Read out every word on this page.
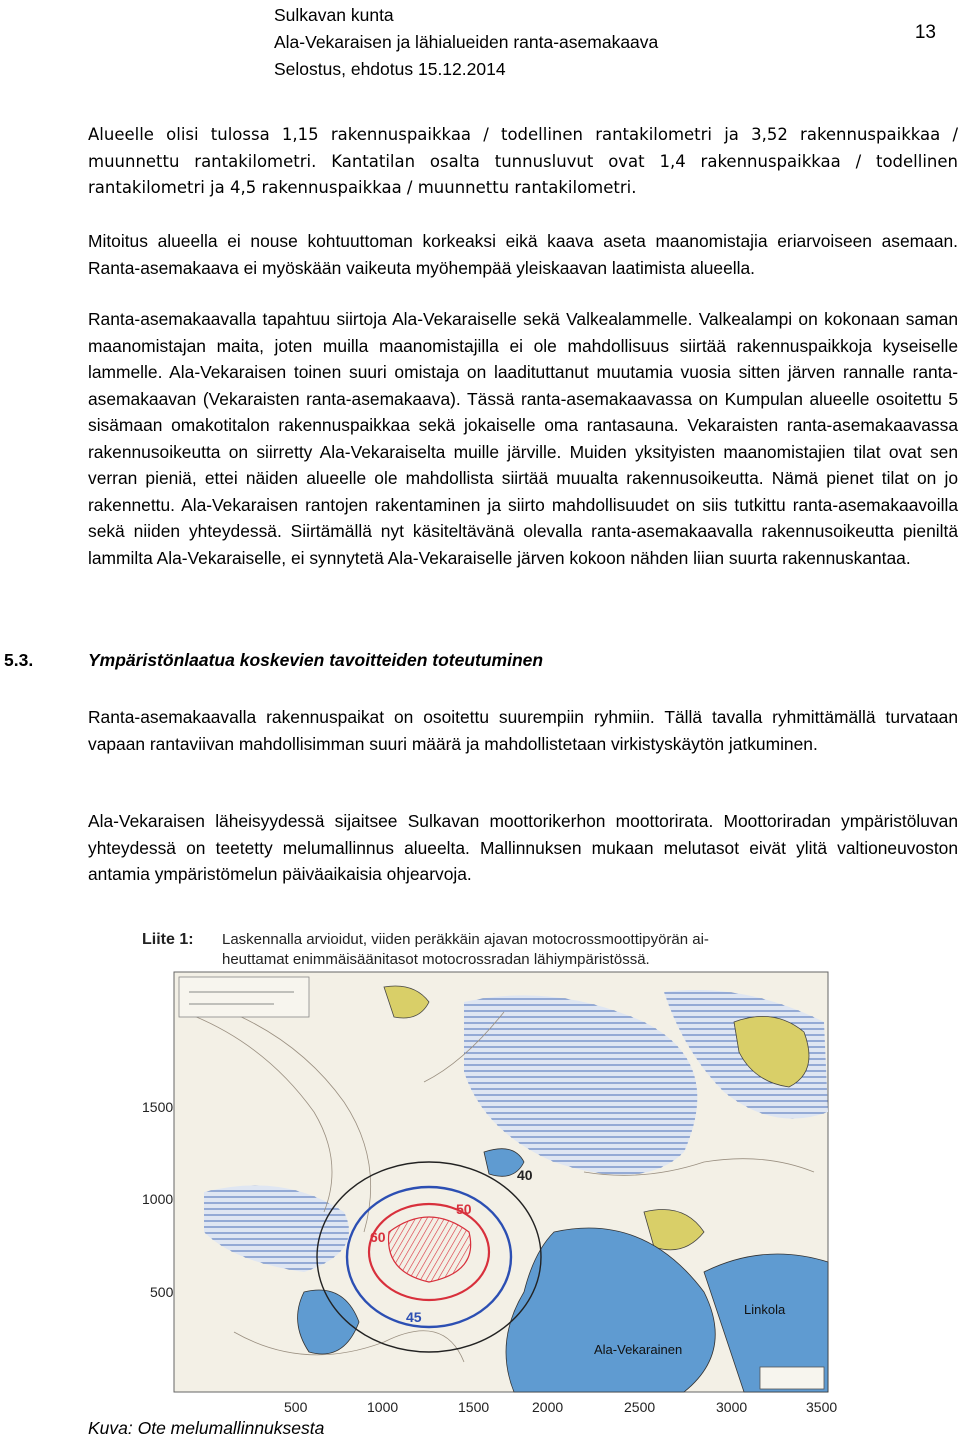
Sulkavan kunta
Ala-Vekaraisen ja lähialueiden ranta-asemakaava
Selostus, ehdotus 15.12.2014
13

Alueelle olisi tulossa 1,15 rakennuspaikkaa / todellinen rantakilometri ja 3,52 rakennuspaikkaa / muunnettu rantakilometri. Kantatilan osalta tunnusluvut ovat 1,4 rakennuspaikkaa / todellinen rantakilometri ja 4,5 rakennuspaikkaa / muunnettu rantakilometri.

Mitoitus alueella ei nouse kohtuuttoman korkeaksi eikä kaava aseta maanomistajia eriarvoiseen asemaan. Ranta-asemakaava ei myöskään vaikeuta myöhempää yleiskaavan laatimista alueella.

Ranta-asemakaavalla tapahtuu siirtoja Ala-Vekaraiselle sekä Valkealammelle. Valkealampi on kokonaan saman maanomistajan maita, joten muilla maanomistajilla ei ole mahdollisuus siirtää rakennuspaikkoja kyseiselle lammelle. Ala-Vekaraisen toinen suuri omistaja on laadituttanut muutamia vuosia sitten järven rannalle ranta-asemakaavan (Vekaraisten ranta-asemakaava). Tässä ranta-asemakaavassa on Kumpulan alueelle osoitettu 5 sisämaan omakotitalon rakennuspaikkaa sekä jokaiselle oma rantasauna. Vekaraisten ranta-asemakaavassa rakennusoikeutta on siirretty Ala-Vekaraiselta muille järville. Muiden yksityisten maanomistajien tilat ovat sen verran pieniä, ettei näiden alueelle ole mahdollista siirtää muualta rakennusoikeutta. Nämä pienet tilat on jo rakennettu. Ala-Vekaraisen rantojen rakentaminen ja siirto mahdollisuudet on siis tutkittu ranta-asemakaavoilla sekä niiden yhteydessä. Siirtämällä nyt käsiteltävänä olevalla ranta-asemakaavalla rakennusoikeutta pieniltä lammilta Ala-Vekaraiselle, ei synnytetä Ala-Vekaraiselle järven kokoon nähden liian suurta rakennuskantaa.

5.3.	Ympäristönlaatua koskevien tavoitteiden toteutuminen

Ranta-asemakaavalla rakennuspaikat on osoitettu suurempiin ryhmiin. Tällä tavalla ryhmittämällä turvataan vapaan rantaviivan mahdollisimman suuri määrä ja mahdollistetaan virkistyskäytön jatkuminen.

Ala-Vekaraisen läheisyydessä sijaitsee Sulkavan moottorikerhon moottorirata. Moottoriradan ympäristöluvan yhteydessä on teetetty melumallinnus alueelta. Mallinnuksen mukaan melutasot eivät ylitä valtioneuvoston antamia ympäristömelun päiväaikaisia ohjearvoja.

Liite 1: Laskennalla arvioidut, viiden peräkkäin ajavan motocrossmoottipyörän ai-
heuttamat enimmäisäänitasot motocrossradan lähiympäristössä.
40
45
50
60
Ala-Vekarainen
Linkola
1500
1000
500
500	1000	1500	2000	2500	3000	3500
Kuva: Ote melumallinnuksesta
